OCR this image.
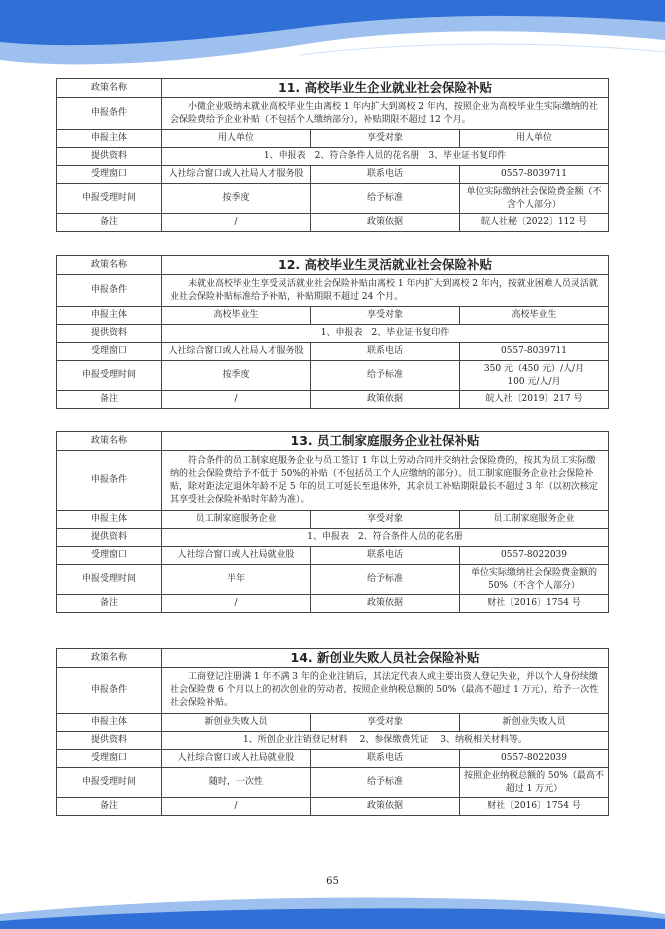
政策名称	11. 高校毕业生企业就业社会保险补贴		
申报条件	小微企业吸纳未就业高校毕业生由离校 1 年内扩大到离校 2 年内，按照企业为高校毕业生实际缴纳的社会保险费给予企业补贴（不包括个人缴纳部分），补贴期限不超过 12 个月。		
申报主体	用人单位	享受对象	用人单位
提供资料	1、申报表　2、符合条件人员的花名册　3、毕业证书复印件		
受理窗口	人社综合窗口或人社局人才服务股	联系电话	0557-8039711
申报受理时间	按季度	给予标准	单位实际缴纳社会保险费金额（不含个人部分）
备注	/	政策依据	皖人社秘〔2022〕112 号
政策名称	12. 高校毕业生灵活就业社会保险补贴		
申报条件	未就业高校毕业生享受灵活就业社会保险补贴由离校 1 年内扩大到离校 2 年内，按就业困难人员灵活就业社会保险补贴标准给予补贴，补贴期限不超过 24 个月。		
申报主体	高校毕业生	享受对象	高校毕业生
提供资料	1、申报表　2、毕业证书复印件		
受理窗口	人社综合窗口或人社局人才服务股	联系电话	0557-8039711
申报受理时间	按季度	给予标准	350 元（450 元）/人/月
100 元/人/月

备注	/	政策依据	皖人社〔2019〕217 号
政策名称	13. 员工制家庭服务企业社保补贴		
申报条件	符合条件的员工制家庭服务企业与员工签订 1 年以上劳动合同并交纳社会保险费的，按其为员工实际缴纳的社会保险费给予不低于 50%的补贴（不包括员工个人应缴纳的部分）。员工制家庭服务企业社会保险补贴，除对距法定退休年龄不足 5 年的员工可延长至退休外，其余员工补贴期限最长不超过 3 年（以初次核定其享受社会保险补贴时年龄为准）。		
申报主体	员工制家庭服务企业	享受对象	员工制家庭服务企业
提供资料	1、申报表　2、符合条件人员的花名册		
受理窗口	人社综合窗口或人社局就业股	联系电话	0557-8022039
申报受理时间	半年	给予标准	单位实际缴纳社会保险费金额的 50%（不含个人部分）
备注	/	政策依据	财社〔2016〕1754 号
政策名称	14. 新创业失败人员社会保险补贴		
申报条件	工商登记注册满 1 年不满 3 年的企业注销后，其法定代表人或主要出资人登记失业，并以个人身份续缴社会保险费 6 个月以上的初次创业的劳动者，按照企业纳税总额的 50%（最高不超过 1 万元），给予一次性社会保险补贴。		
申报主体	新创业失败人员	享受对象	新创业失败人员
提供资料	1、所创企业注销登记材料　 2、参保缴费凭证　 3、纳税相关材料等。		
受理窗口	人社综合窗口或人社局就业股	联系电话	0557-8022039
申报受理时间	随时，一次性	给予标准	按照企业纳税总额的 50%（最高不超过 1 万元）
备注	/	政策依据	财社〔2016〕1754 号
65
